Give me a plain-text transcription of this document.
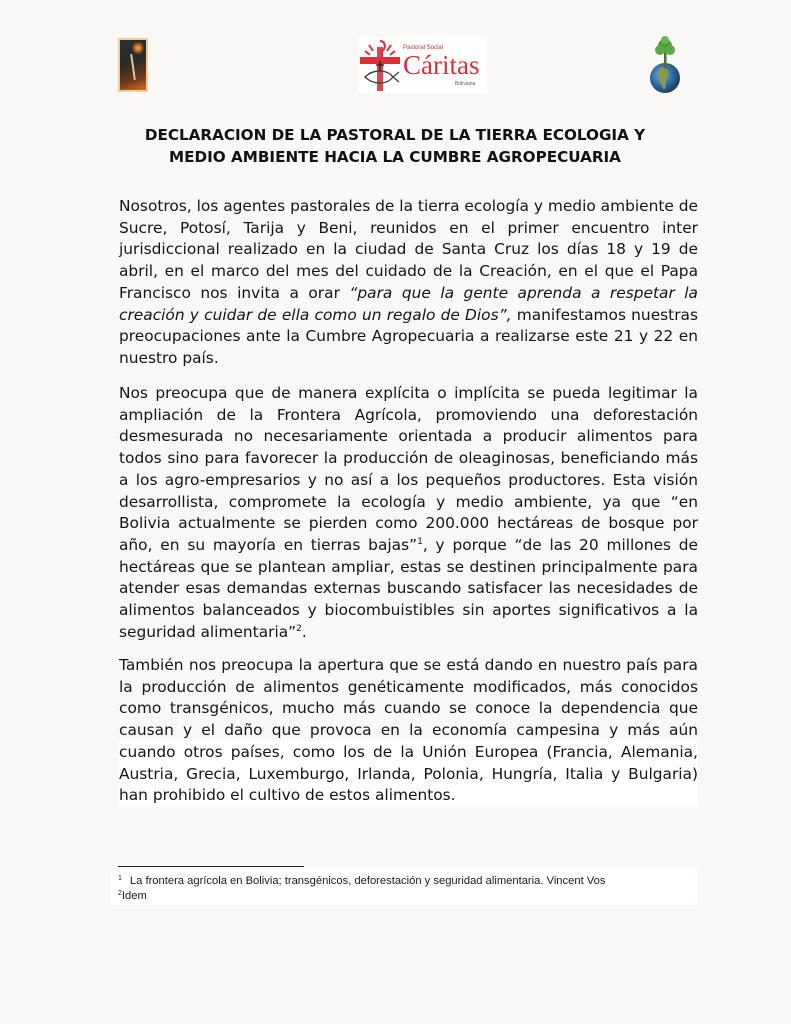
Pastoral Social
Cáritas
Boliviana
DECLARACION DE LA PASTORAL DE LA TIERRA ECOLOGIA Y
MEDIO AMBIENTE HACIA LA CUMBRE AGROPECUARIA

Nosotros, los agentes pastorales de la tierra ecología y medio ambiente de Sucre, Potosí, Tarija y Beni, reunidos en el primer encuentro inter jurisdiccional realizado en la ciudad de Santa Cruz los días 18 y 19 de abril, en el marco del mes del cuidado de la Creación, en el que el Papa Francisco nos invita a orar “para que la gente aprenda a respetar la creación y cuidar de ella como un regalo de Dios”, manifestamos nuestras preocupaciones ante la Cumbre Agropecuaria a realizarse este 21 y 22 en nuestro país.

Nos preocupa que de manera explícita o implícita se pueda legitimar la ampliación de la Frontera Agrícola, promoviendo una deforestación desmesurada no necesariamente orientada a producir alimentos para todos sino para favorecer la producción de oleaginosas, beneficiando más a los agro-empresarios y no así a los pequeños productores. Esta visión desarrollista, compromete la ecología y medio ambiente, ya que “en Bolivia actualmente se pierden como 200.000 hectáreas de bosque por año, en su mayoría en tierras bajas”$^1$, y porque “de las 20 millones de hectáreas que se plantean ampliar, estas se destinen principalmente para atender esas demandas externas buscando satisfacer las necesidades de alimentos balanceados y biocombuistibles sin aportes significativos a la seguridad alimentaria”$^2$.

También nos preocupa la apertura que se está dando en nuestro país para la producción de alimentos genéticamente modificados, más conocidos como transgénicos, mucho más cuando se conoce la dependencia que causan y el daño que provoca en la economía campesina y más aún cuando otros países, como los de la Unión Europea (Francia, Alemania, Austria, Grecia, Luxemburgo, Irlanda, Polonia, Hungría, Italia y Bulgaria) han prohibido el cultivo de estos alimentos.

$^1$ La frontera agrícola en Bolivia; transgénicos, deforestación y seguridad alimentaria. Vincent Vos
$^2$Idem
